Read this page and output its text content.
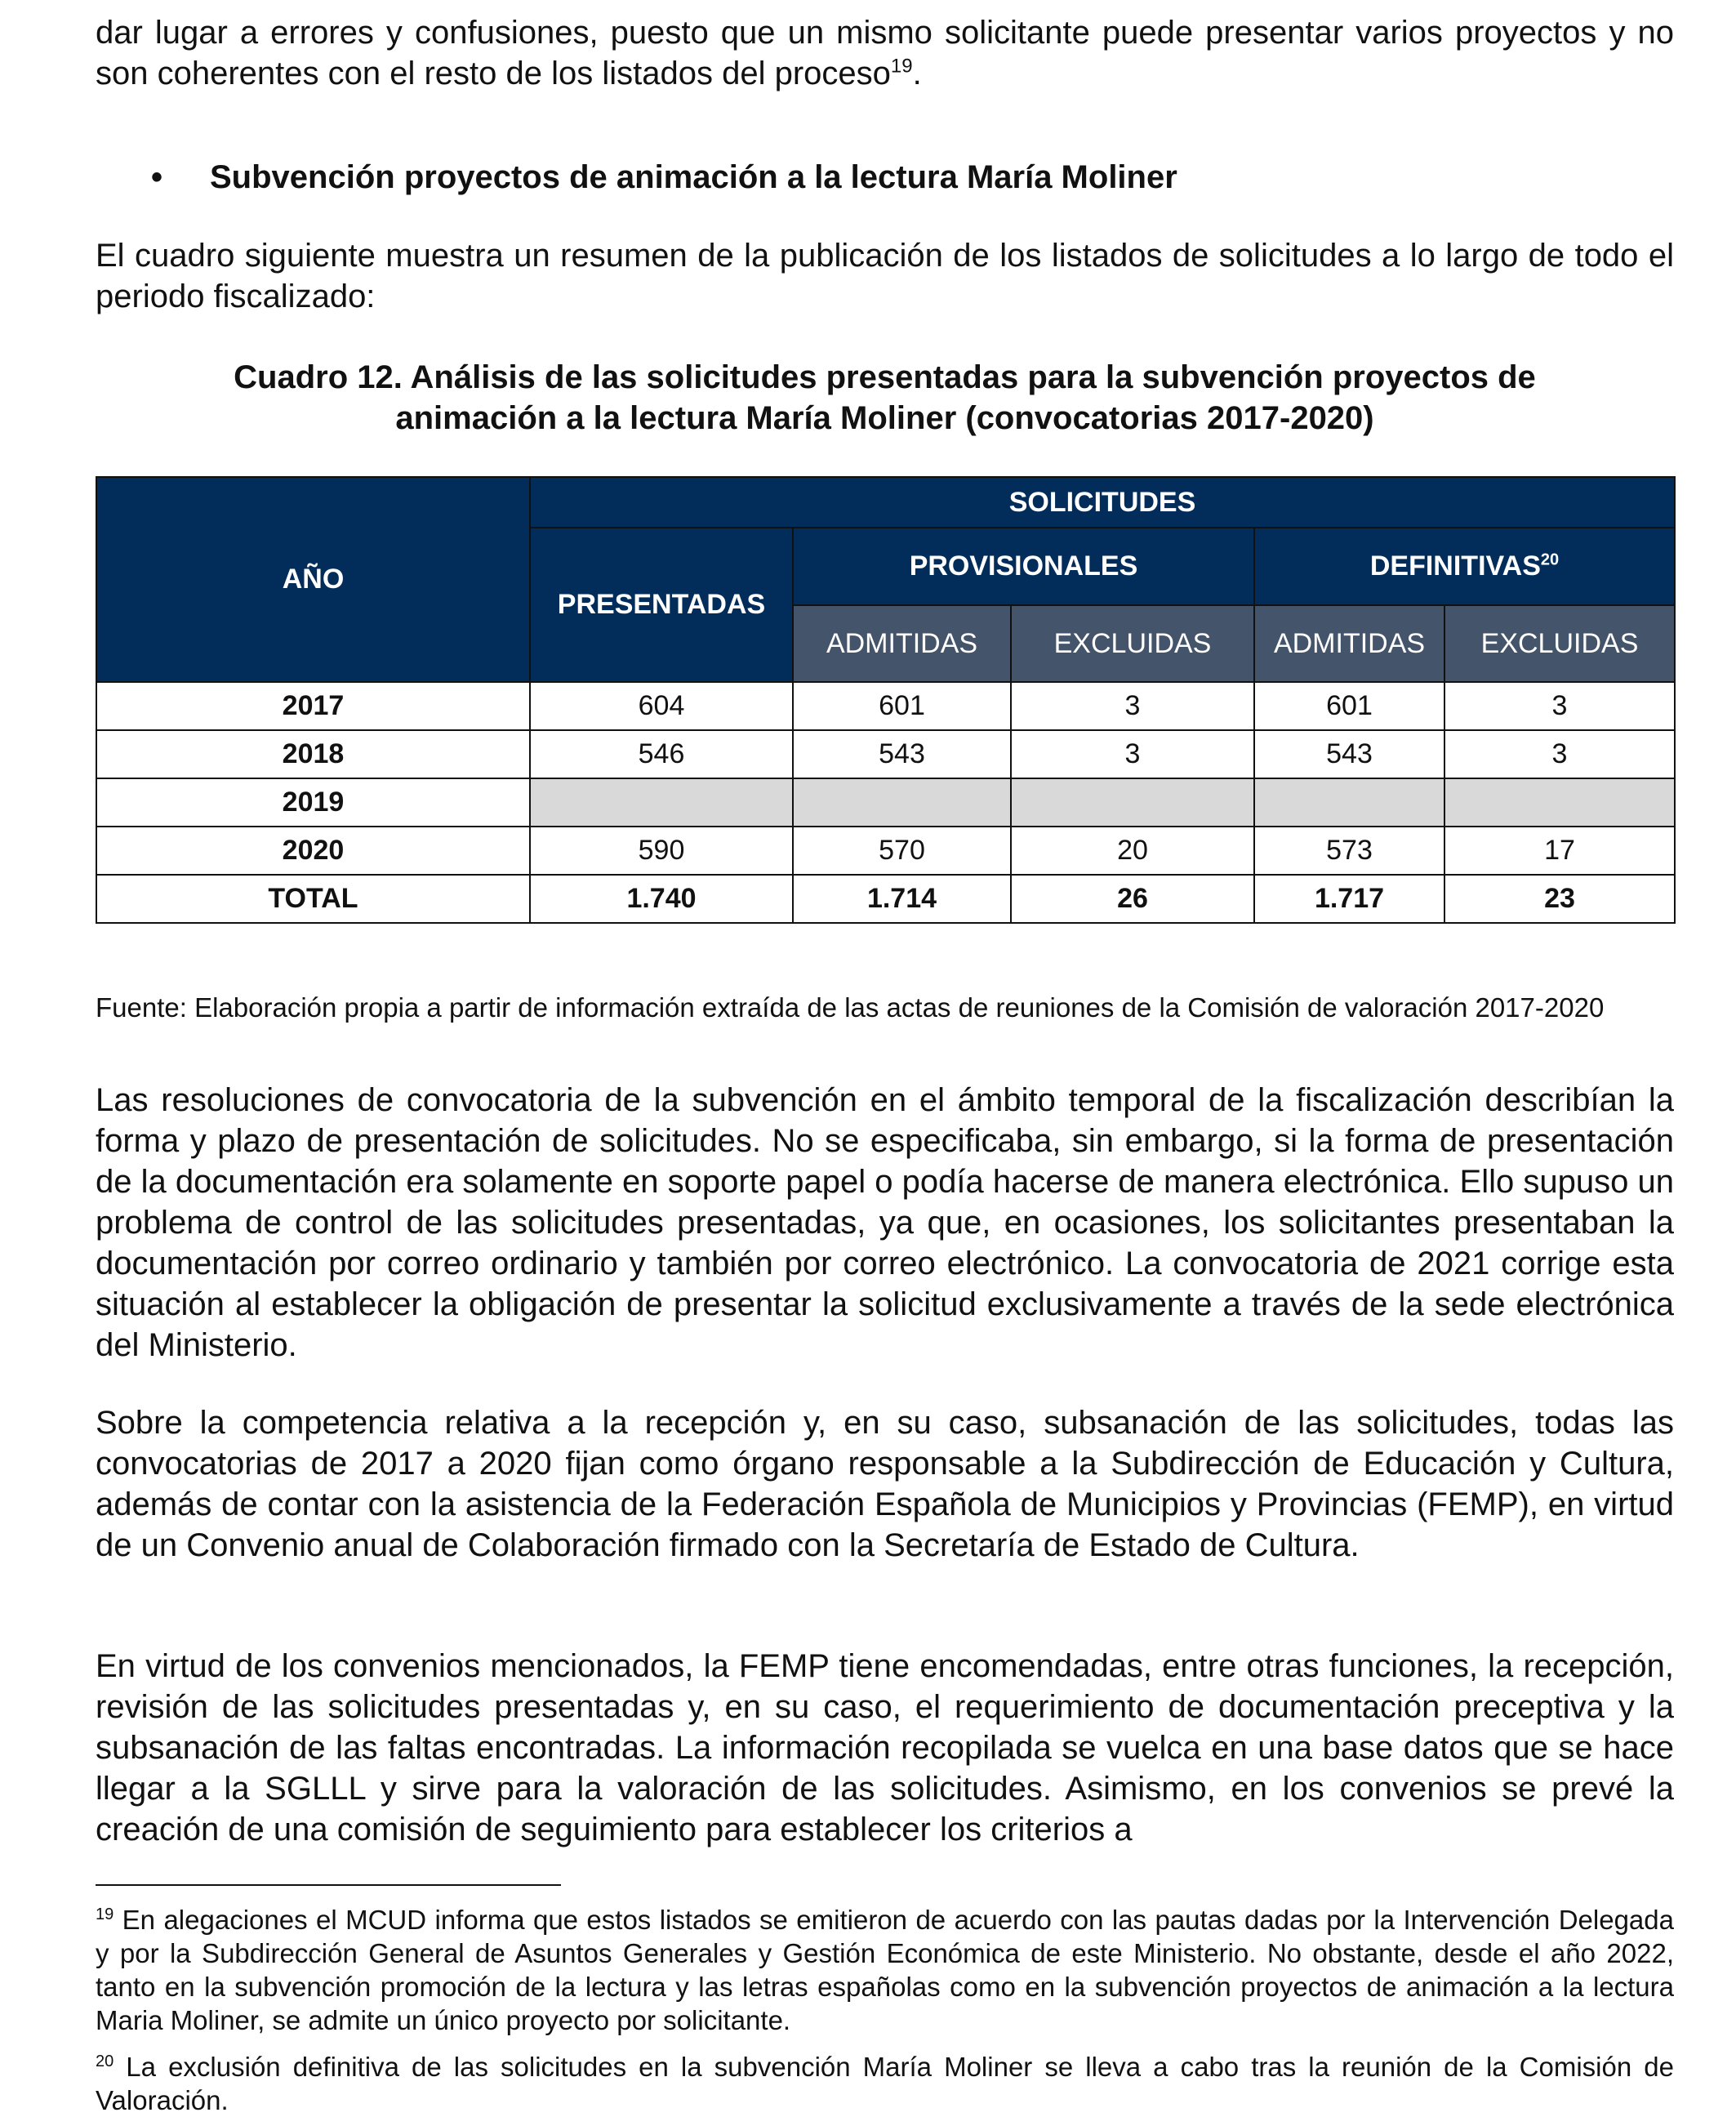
dar lugar a errores y confusiones, puesto que un mismo solicitante puede presentar varios proyectos y no son coherentes con el resto de los listados del proceso$^{19}$.
• Subvención proyectos de animación a la lectura María Moliner
El cuadro siguiente muestra un resumen de la publicación de los listados de solicitudes a lo largo de todo el periodo fiscalizado:
Cuadro 12. Análisis de las solicitudes presentadas para la subvención proyectos de
animación a la lectura María Moliner (convocatorias 2017-2020)
AÑO	SOLICITUDES				
	PRESENTADAS	PROVISIONALES		DEFINITIVAS$^{20}$
		ADMITIDAS	EXCLUIDAS	ADMITIDAS	EXCLUIDAS
2017	604	601	3	601	3
2018	546	543	3	543	3
2019					
2020	590	570	20	573	17
TOTAL	1.740	1.714	26	1.717	23
Fuente: Elaboración propia a partir de información extraída de las actas de reuniones de la Comisión de valoración 2017-2020
Las resoluciones de convocatoria de la subvención en el ámbito temporal de la fiscalización describían la forma y plazo de presentación de solicitudes. No se especificaba, sin embargo, si la forma de presentación de la documentación era solamente en soporte papel o podía hacerse de manera electrónica. Ello supuso un problema de control de las solicitudes presentadas, ya que, en ocasiones, los solicitantes presentaban la documentación por correo ordinario y también por correo electrónico. La convocatoria de 2021 corrige esta situación al establecer la obligación de presentar la solicitud exclusivamente a través de la sede electrónica del Ministerio.
Sobre la competencia relativa a la recepción y, en su caso, subsanación de las solicitudes, todas las convocatorias de 2017 a 2020 fijan como órgano responsable a la Subdirección de Educación y Cultura, además de contar con la asistencia de la Federación Española de Municipios y Provincias (FEMP), en virtud de un Convenio anual de Colaboración firmado con la Secretaría de Estado de Cultura.
En virtud de los convenios mencionados, la FEMP tiene encomendadas, entre otras funciones, la recepción, revisión de las solicitudes presentadas y, en su caso, el requerimiento de documentación preceptiva y la subsanación de las faltas encontradas. La información recopilada se vuelca en una base datos que se hace llegar a la SGLLL y sirve para la valoración de las solicitudes. Asimismo, en los convenios se prevé la creación de una comisión de seguimiento para establecer los criterios a
$^{19}$ En alegaciones el MCUD informa que estos listados se emitieron de acuerdo con las pautas dadas por la Intervención Delegada y por la Subdirección General de Asuntos Generales y Gestión Económica de este Ministerio. No obstante, desde el año 2022, tanto en la subvención promoción de la lectura y las letras españolas como en la subvención proyectos de animación a la lectura Maria Moliner, se admite un único proyecto por solicitante.
$^{20}$ La exclusión definitiva de las solicitudes en la subvención María Moliner se lleva a cabo tras la reunión de la Comisión de Valoración.
